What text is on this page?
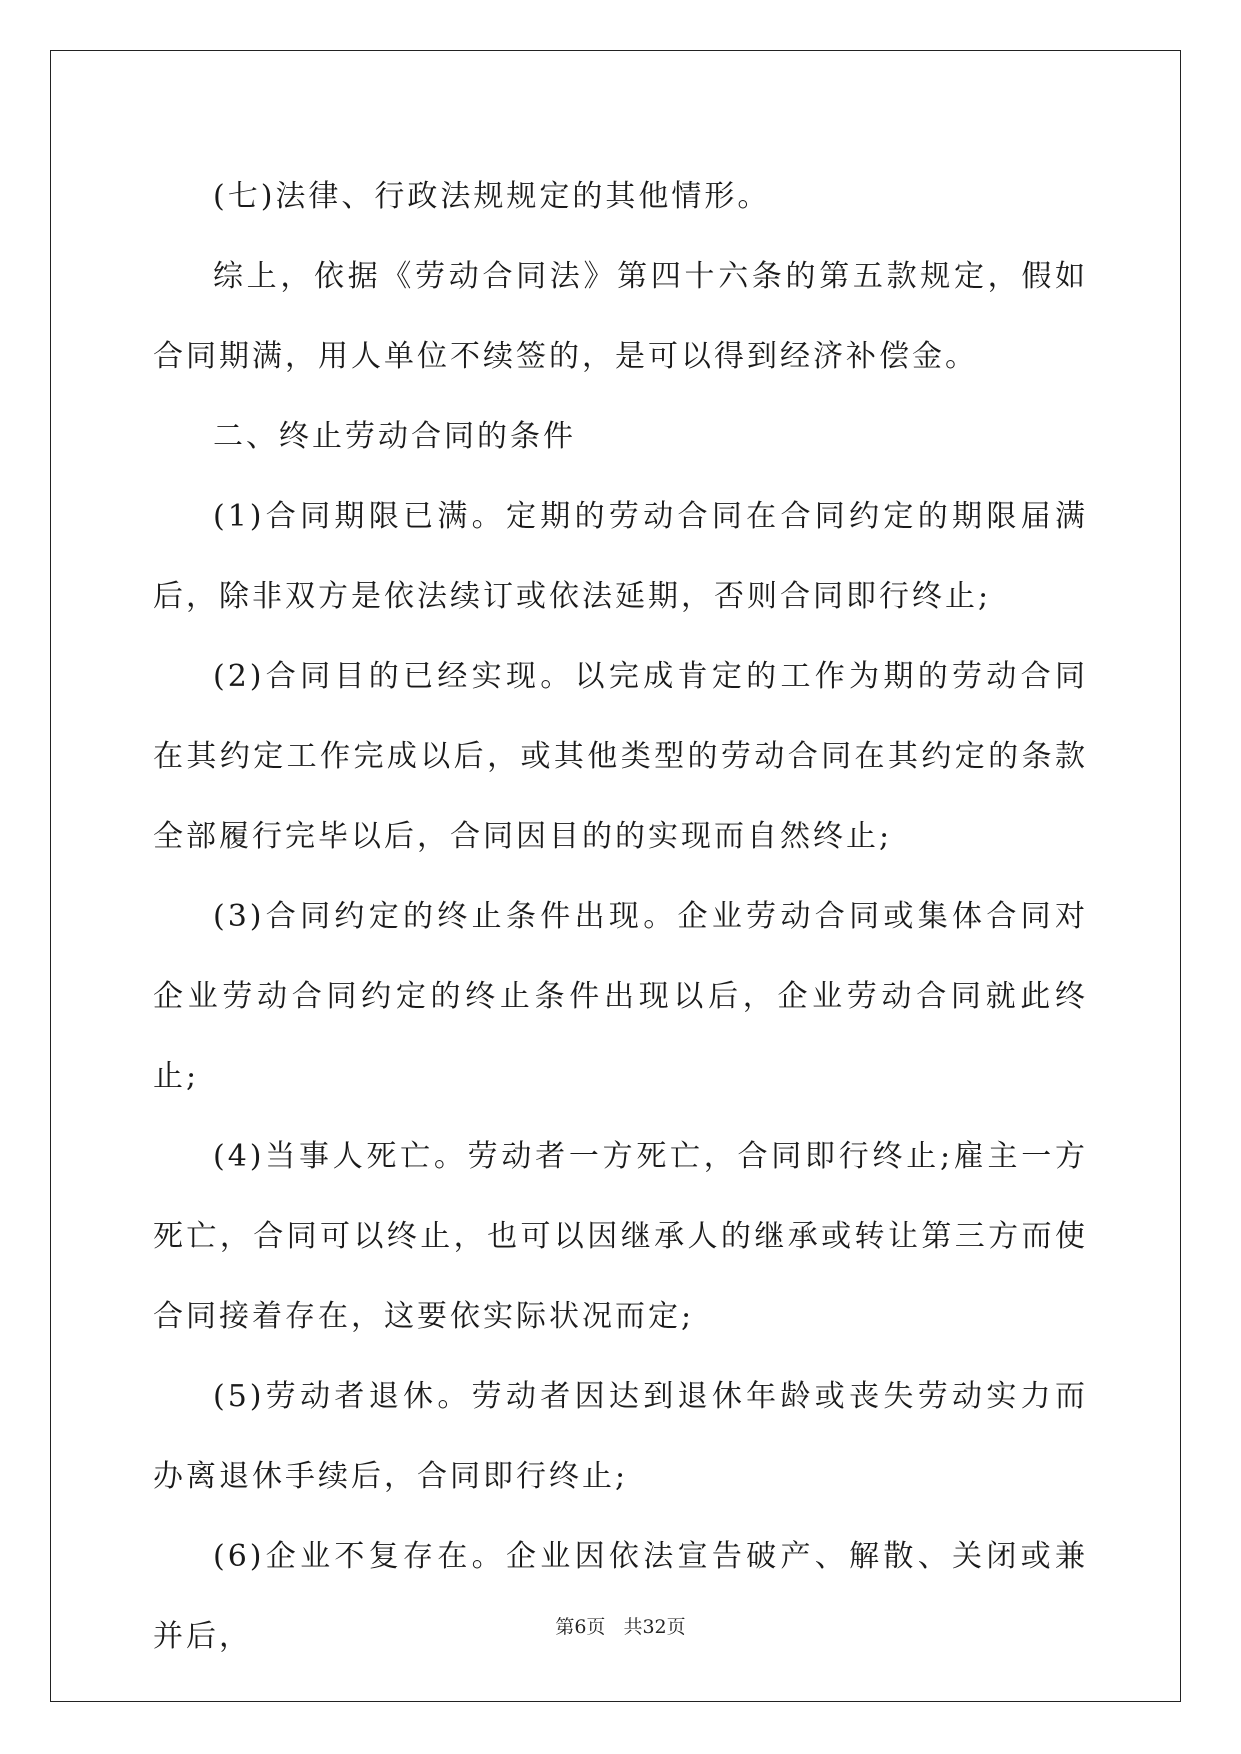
(七)法律、行政法规规定的其他情形。

综上，依据《劳动合同法》第四十六条的第五款规定，假如合同期满，用人单位不续签的，是可以得到经济补偿金。

二、终止劳动合同的条件

(1)合同期限已满。定期的劳动合同在合同约定的期限届满后，除非双方是依法续订或依法延期，否则合同即行终止;

(2)合同目的已经实现。以完成肯定的工作为期的劳动合同在其约定工作完成以后，或其他类型的劳动合同在其约定的条款全部履行完毕以后，合同因目的的实现而自然终止;

(3)合同约定的终止条件出现。企业劳动合同或集体合同对企业劳动合同约定的终止条件出现以后，企业劳动合同就此终止;

(4)当事人死亡。劳动者一方死亡，合同即行终止;雇主一方死亡，合同可以终止，也可以因继承人的继承或转让第三方而使合同接着存在，这要依实际状况而定;

(5)劳动者退休。劳动者因达到退休年龄或丧失劳动实力而办离退休手续后，合同即行终止;

(6)企业不复存在。企业因依法宣告破产、解散、关闭或兼并后，	第6页 共32页
